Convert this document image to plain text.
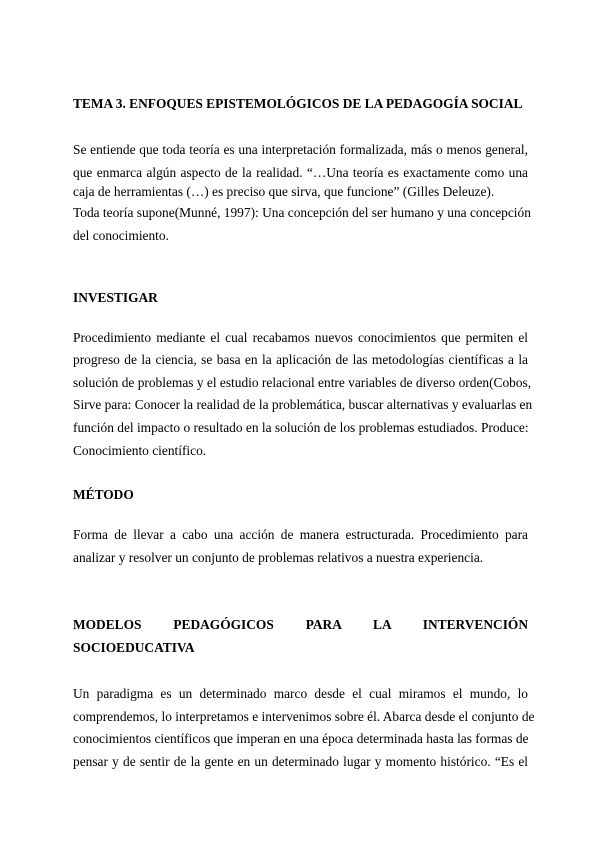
TEMA 3. ENFOQUES EPISTEMOLÓGICOS DE LA PEDAGOGÍA SOCIAL
Se entiende que toda teoría es una interpretación formalizada, más o menos general,
que enmarca algún aspecto de la realidad. “…Una teoría es exactamente como una
caja de herramientas (…) es preciso que sirva, que funcione” (Gilles Deleuze).
Toda teoría supone(Munné, 1997): Una concepción del ser humano y una concepción
del conocimiento.
INVESTIGAR
Procedimiento mediante el cual recabamos nuevos conocimientos que permiten el
progreso de la ciencia, se basa en la aplicación de las metodologías científicas a la
solución de problemas y el estudio relacional entre variables de diverso orden(Cobos,
Sirve para: Conocer la realidad de la problemática, buscar alternativas y evaluarlas en
función del impacto o resultado en la solución de los problemas estudiados. Produce:
Conocimiento científico.
MÉTODO
Forma de llevar a cabo una acción de manera estructurada. Procedimiento para
analizar y resolver un conjunto de problemas relativos a nuestra experiencia.
MODELOS PEDAGÓGICOS PARA LA INTERVENCIÓN
SOCIOEDUCATIVA
Un paradigma es un determinado marco desde el cual miramos el mundo, lo
comprendemos, lo interpretamos e intervenimos sobre él. Abarca desde el conjunto de
conocimientos científicos que imperan en una época determinada hasta las formas de
pensar y de sentir de la gente en un determinado lugar y momento histórico. “Es el
